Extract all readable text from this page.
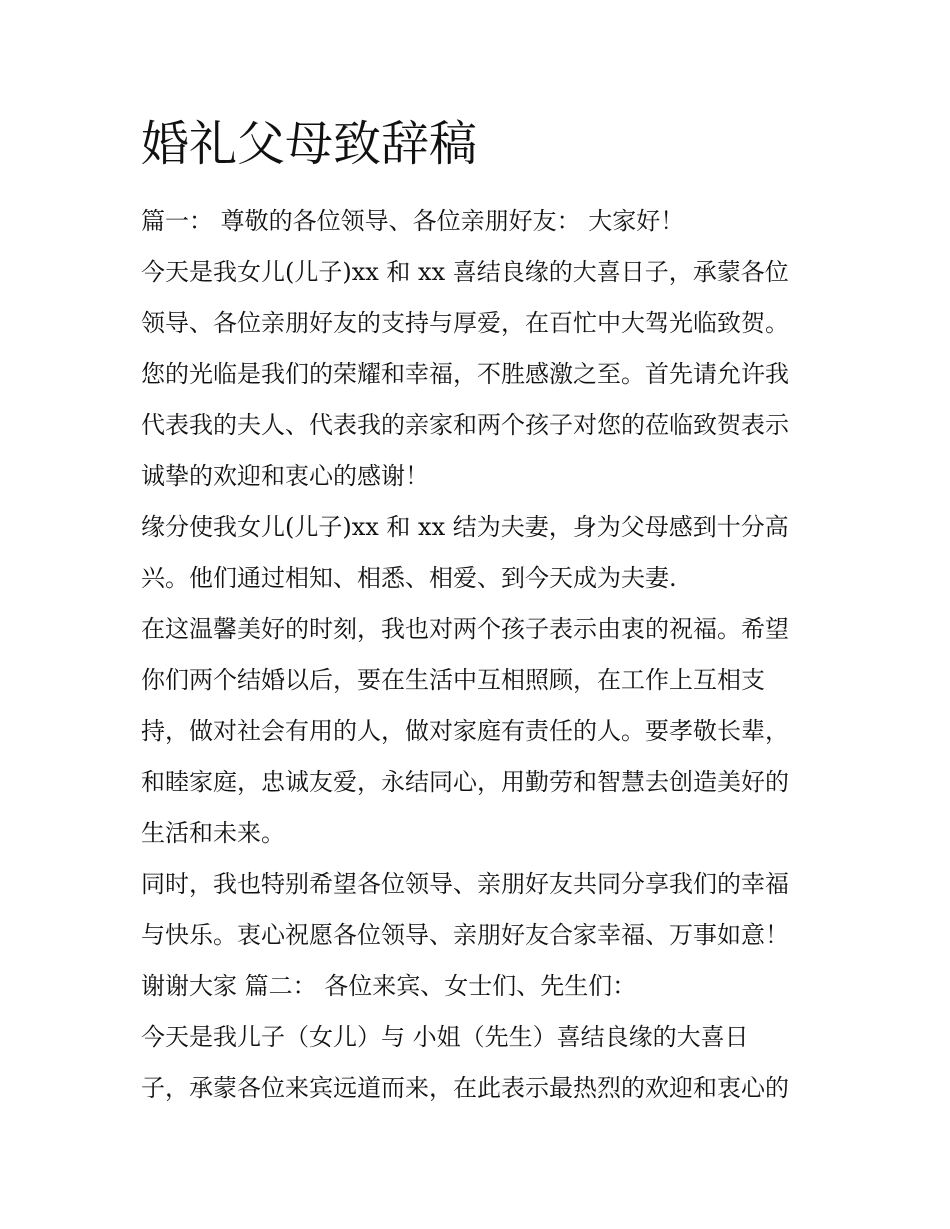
婚礼父母致辞稿

篇一： 尊敬的各位领导、各位亲朋好友： 大家好！

今天是我女儿(儿子)xx 和 xx 喜结良缘的大喜日子，承蒙各位

领导、各位亲朋好友的支持与厚爱，在百忙中大驾光临致贺。

您的光临是我们的荣耀和幸福，不胜感激之至。首先请允许我

代表我的夫人、代表我的亲家和两个孩子对您的莅临致贺表示

诚挚的欢迎和衷心的感谢！

缘分使我女儿(儿子)xx 和 xx 结为夫妻，身为父母感到十分高

兴。他们通过相知、相悉、相爱、到今天成为夫妻.

在这温馨美好的时刻，我也对两个孩子表示由衷的祝福。希望

你们两个结婚以后，要在生活中互相照顾，在工作上互相支

持，做对社会有用的人，做对家庭有责任的人。要孝敬长辈，

和睦家庭，忠诚友爱，永结同心，用勤劳和智慧去创造美好的

生活和未来。

同时，我也特别希望各位领导、亲朋好友共同分享我们的幸福

与快乐。衷心祝愿各位领导、亲朋好友合家幸福、万事如意！

谢谢大家 篇二： 各位来宾、女士们、先生们：

今天是我儿子（女儿）与 小姐（先生）喜结良缘的大喜日

子，承蒙各位来宾远道而来，在此表示最热烈的欢迎和衷心的
